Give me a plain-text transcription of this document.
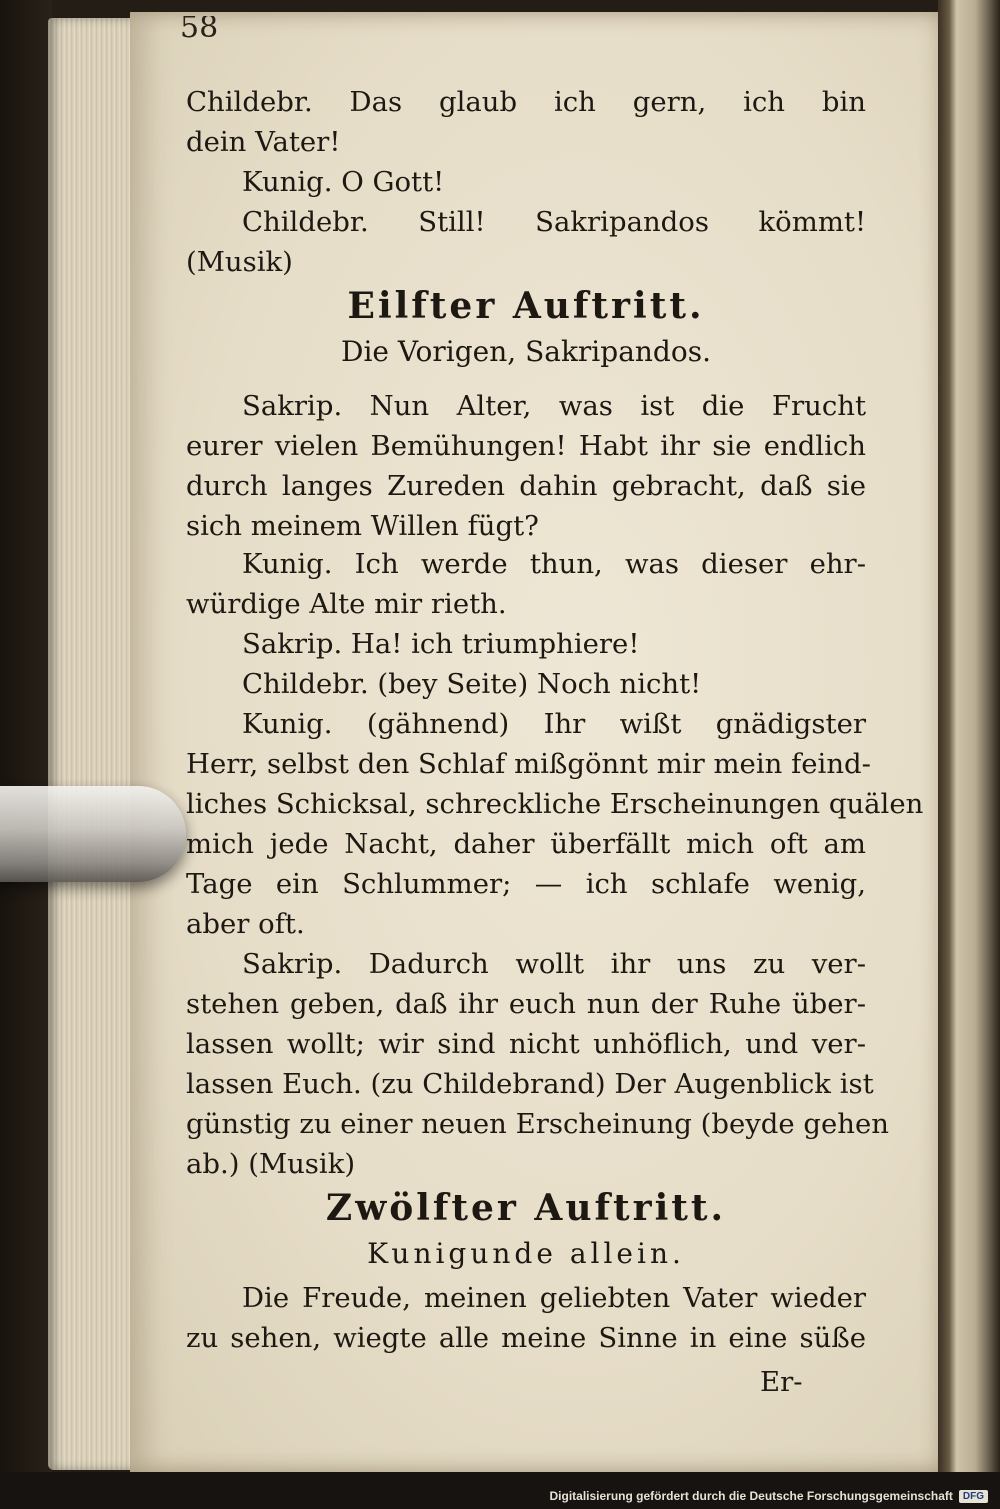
58
Childebr. Das glaub ich gern, ich bin
dein Vater!
Kunig. O Gott!
Childebr. Still! Sakripandos kömmt!
(Musik)
Eilfter Auftritt.
Die Vorigen, Sakripandos.
Sakrip. Nun Alter, was ist die Frucht
eurer vielen Bemühungen! Habt ihr sie endlich
durch langes Zureden dahin gebracht, daß sie
sich meinem Willen fügt?
Kunig. Ich werde thun, was dieser ehr-
würdige Alte mir rieth.
Sakrip. Ha! ich triumphiere!
Childebr. (bey Seite) Noch nicht!
Kunig. (gähnend) Ihr wißt gnädigster
Herr, selbst den Schlaf mißgönnt mir mein feind-
liches Schicksal, schreckliche Erscheinungen quälen
mich jede Nacht, daher überfällt mich oft am
Tage ein Schlummer; — ich schlafe wenig,
aber oft.
Sakrip. Dadurch wollt ihr uns zu ver-
stehen geben, daß ihr euch nun der Ruhe über-
lassen wollt; wir sind nicht unhöflich, und ver-
lassen Euch. (zu Childebrand) Der Augenblick ist
günstig zu einer neuen Erscheinung (beyde gehen
ab.) (Musik)
Zwölfter Auftritt.
Kunigunde allein.
Die Freude, meinen geliebten Vater wieder
zu sehen, wiegte alle meine Sinne in eine süße
Er-
Digitalisierung gefördert durch die Deutsche Forschungsgemeinschaft	DFG
